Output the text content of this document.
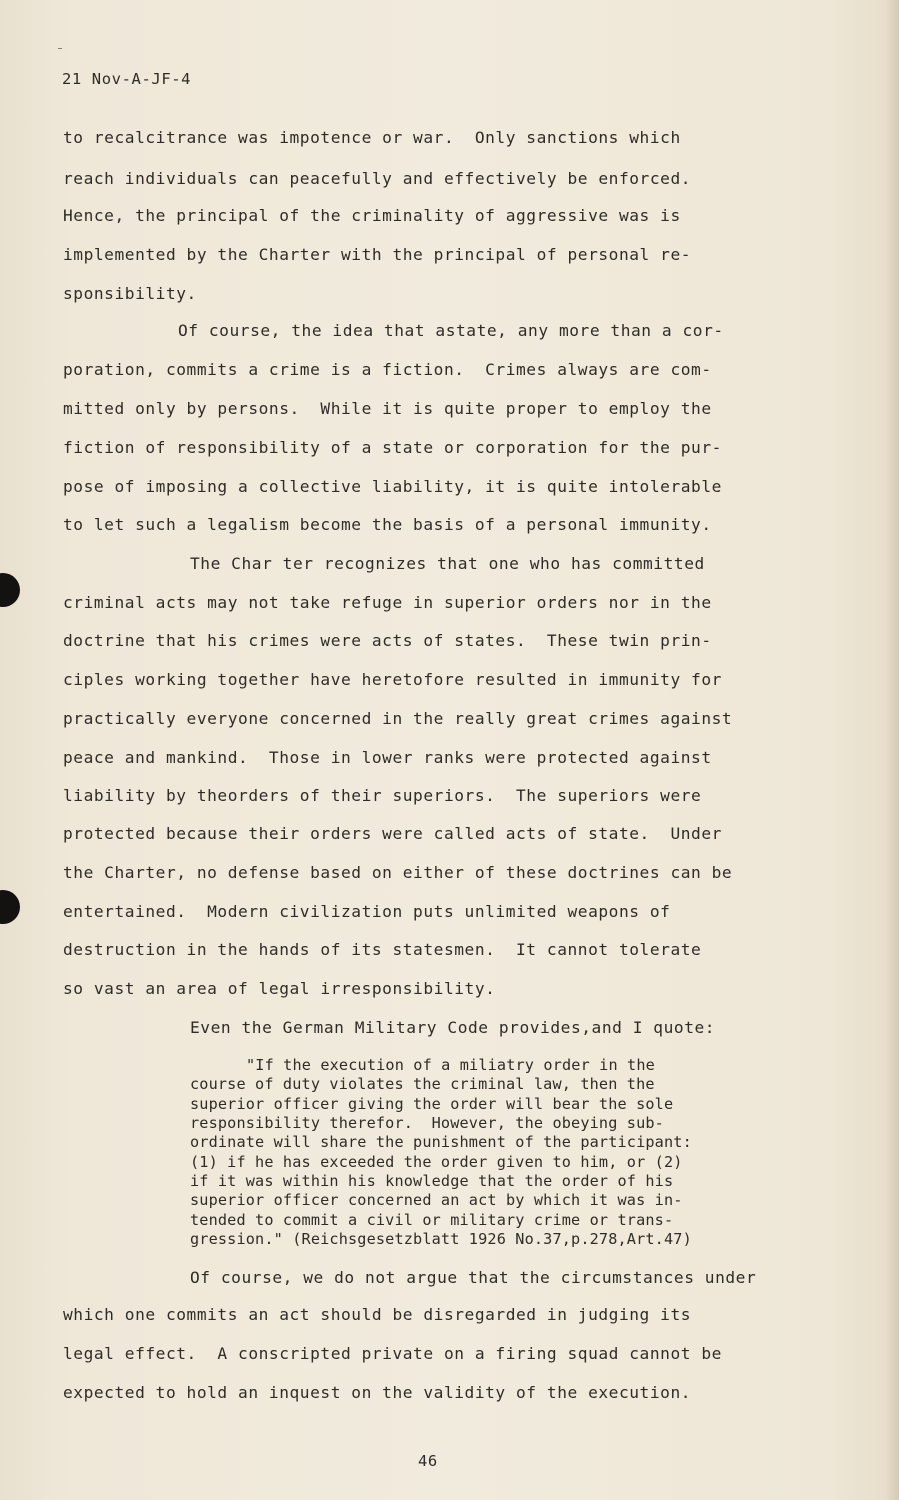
21 Nov-A-JF-4
to recalcitrance was impotence or war.  Only sanctions which
reach individuals can peacefully and effectively be enforced.
Hence, the principal of the criminality of aggressive was is
implemented by the Charter with the principal of personal re-
sponsibility.
Of course, the idea that astate, any more than a cor-
poration, commits a crime is a fiction.  Crimes always are com-
mitted only by persons.  While it is quite proper to employ the
fiction of responsibility of a state or corporation for the pur-
pose of imposing a collective liability, it is quite intolerable
to let such a legalism become the basis of a personal immunity.
The Char ter recognizes that one who has committed
criminal acts may not take refuge in superior orders nor in the
doctrine that his crimes were acts of states.  These twin prin-
ciples working together have heretofore resulted in immunity for
practically everyone concerned in the really great crimes against
peace and mankind.  Those in lower ranks were protected against
liability by theorders of their superiors.  The superiors were
protected because their orders were called acts of state.  Under
the Charter, no defense based on either of these doctrines can be
entertained.  Modern civilization puts unlimited weapons of
destruction in the hands of its statesmen.  It cannot tolerate
so vast an area of legal irresponsibility.
Even the German Military Code provides,and I quote:
"If the execution of a miliatry order in the
course of duty violates the criminal law, then the
superior officer giving the order will bear the sole
responsibility therefor.  However, the obeying sub-
ordinate will share the punishment of the participant:
(1) if he has exceeded the order given to him, or (2)
if it was within his knowledge that the order of his
superior officer concerned an act by which it was in-
tended to commit a civil or military crime or trans-
gression." (Reichsgesetzblatt 1926 No.37,p.278,Art.47)
Of course, we do not argue that the circumstances under
which one commits an act should be disregarded in judging its
legal effect.  A conscripted private on a firing squad cannot be
expected to hold an inquest on the validity of the execution.
46
